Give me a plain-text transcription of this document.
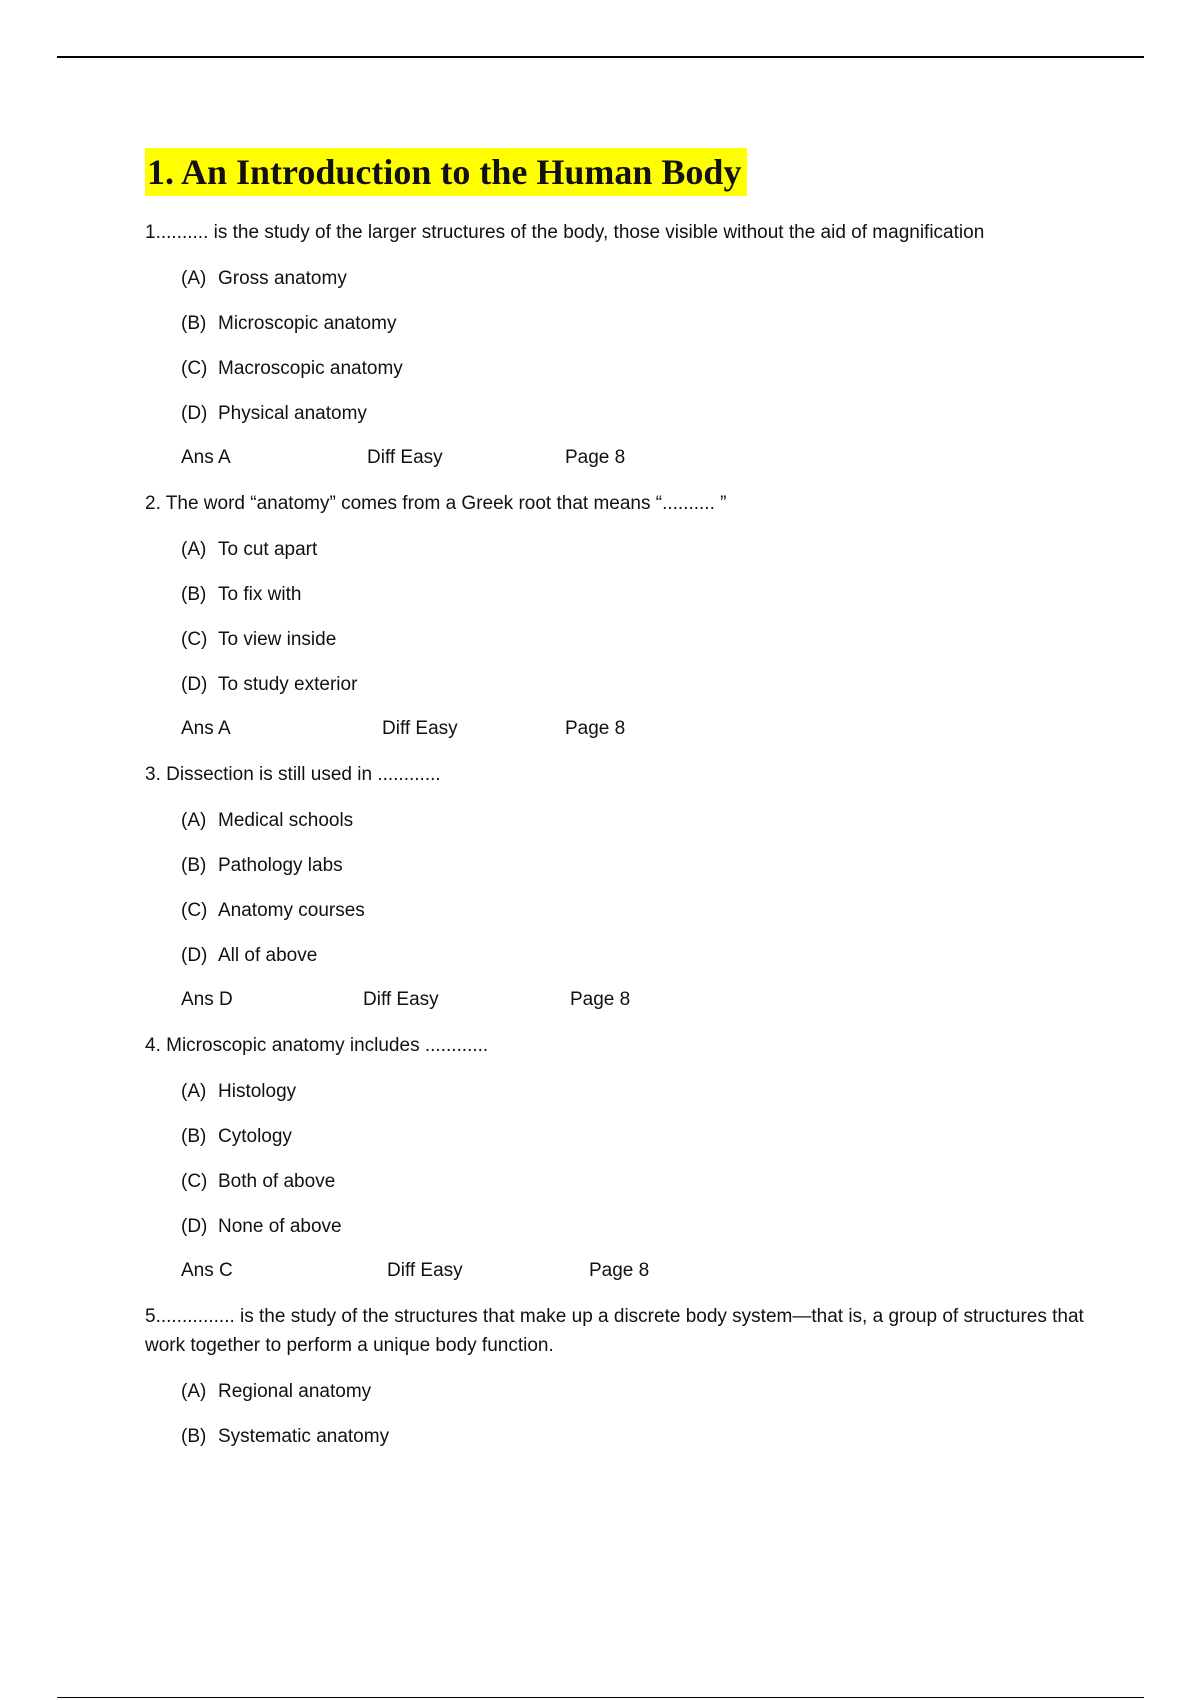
1. An Introduction to the Human Body

1.......... is the study of the larger structures of the body, those visible without the aid of magnification

(A) Gross anatomy
(B) Microscopic anatomy
(C) Macroscopic anatomy
(D) Physical anatomy
Ans A	Diff Easy	Page 8

2. The word “anatomy” comes from a Greek root that means “.......... ”

(A) To cut apart
(B) To fix with
(C) To view inside
(D) To study exterior
Ans A	Diff Easy	Page 8

3. Dissection is still used in ............

(A) Medical schools
(B) Pathology labs
(C) Anatomy courses
(D) All of above
Ans D	Diff Easy	Page 8

4. Microscopic anatomy includes ............

(A) Histology
(B) Cytology
(C) Both of above
(D) None of above
Ans C	Diff Easy	Page 8

5............... is the study of the structures that make up a discrete body system—that is, a group of structures that work together to perform a unique body function.

(A) Regional anatomy
(B) Systematic anatomy
